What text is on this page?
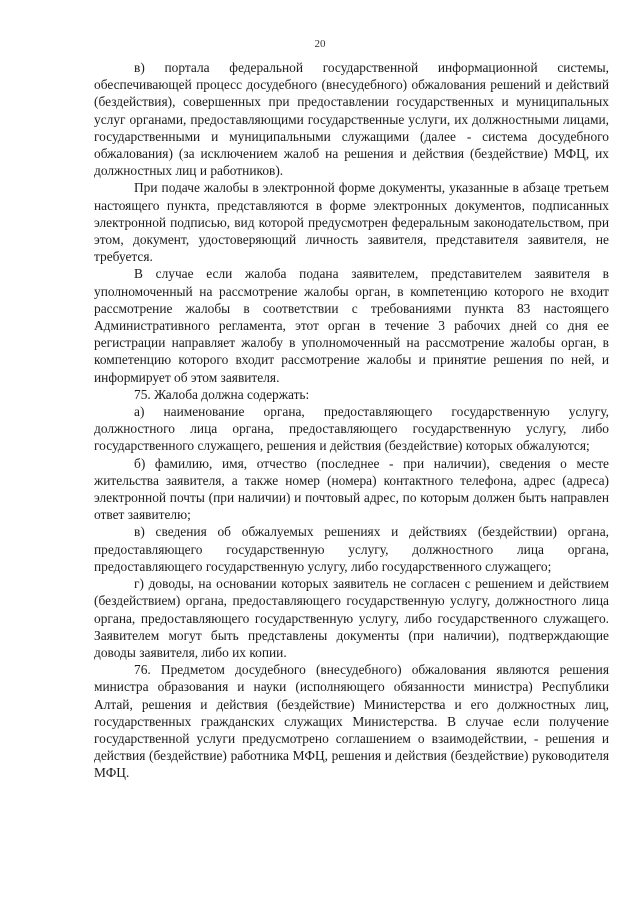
20

в) портала федеральной государственной информационной системы, обеспечивающей процесс досудебного (внесудебного) обжалования решений и действий (бездействия), совершенных при предоставлении государственных и муниципальных услуг органами, предоставляющими государственные услуги, их должностными лицами, государственными и муниципальными служащими (далее - система досудебного обжалования) (за исключением жалоб на решения и действия (бездействие) МФЦ, их должностных лиц и работников).

При подаче жалобы в электронной форме документы, указанные в абзаце третьем настоящего пункта, представляются в форме электронных документов, подписанных электронной подписью, вид которой предусмотрен федеральным законодательством, при этом, документ, удостоверяющий личность заявителя, представителя заявителя, не требуется.

В случае если жалоба подана заявителем, представителем заявителя в уполномоченный на рассмотрение жалобы орган, в компетенцию которого не входит рассмотрение жалобы в соответствии с требованиями пункта 83 настоящего Административного регламента, этот орган в течение 3 рабочих дней со дня ее регистрации направляет жалобу в уполномоченный на рассмотрение жалобы орган, в компетенцию которого входит рассмотрение жалобы и принятие решения по ней, и информирует об этом заявителя.

75. Жалоба должна содержать:

а) наименование органа, предоставляющего государственную услугу, должностного лица органа, предоставляющего государственную услугу, либо государственного служащего, решения и действия (бездействие) которых обжалуются;

б) фамилию, имя, отчество (последнее - при наличии), сведения о месте жительства заявителя, а также номер (номера) контактного телефона, адрес (адреса) электронной почты (при наличии) и почтовый адрес, по которым должен быть направлен ответ заявителю;

в) сведения об обжалуемых решениях и действиях (бездействии) органа, предоставляющего государственную услугу, должностного лица органа, предоставляющего государственную услугу, либо государственного служащего;

г) доводы, на основании которых заявитель не согласен с решением и действием (бездействием) органа, предоставляющего государственную услугу, должностного лица органа, предоставляющего государственную услугу, либо государственного служащего. Заявителем могут быть представлены документы (при наличии), подтверждающие доводы заявителя, либо их копии.

76. Предметом досудебного (внесудебного) обжалования являются решения министра образования и науки (исполняющего обязанности министра) Республики Алтай, решения и действия (бездействие) Министерства и его должностных лиц, государственных гражданских служащих Министерства. В случае если получение государственной услуги предусмотрено соглашением о взаимодействии, - решения и действия (бездействие) работника МФЦ, решения и действия (бездействие) руководителя МФЦ.
